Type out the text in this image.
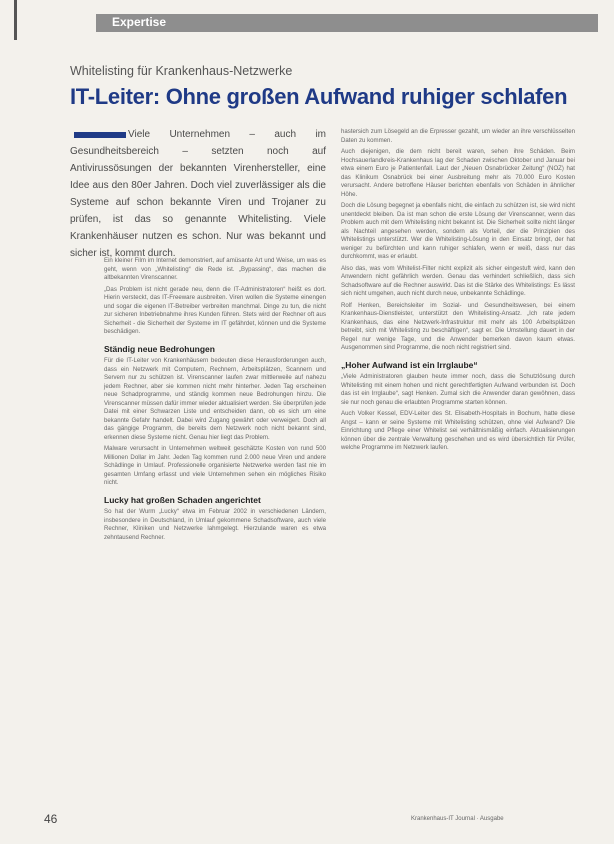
Expertise
Whitelisting für Krankenhaus-Netzwerke
IT-Leiter: Ohne großen Aufwand ruhiger schlafen
Viele Unternehmen – auch im Gesundheitsbereich – setzten noch auf Antivirussösungen der bekannten Virenhersteller, eine Idee aus den 80er Jahren. Doch viel zuverlässiger als die Systeme auf schon bekannte Viren und Trojaner zu prüfen, ist das so genannte Whitelisting. Viele Krankenhäuser nutzen es schon. Nur was bekannt und sicher ist, kommt durch.

Ein kleiner Film im Internet demonstriert, auf amüsante Art und Weise, um was es geht, wenn von „Whitelisting“ die Rede ist. „Bypassing“, das machen die altbekannten Virenscanner.

„Das Problem ist nicht gerade neu, denn die IT-Administratoren“ heißt es dort. Hierin versteckt, das IT-Freeware ausbreiten. Viren wollen die Systeme einengen und sogar die eigenen IT-Betreiber verbreiten manchmal. Dinge zu tun, die nicht zur sicheren Inbetriebnahme ihres Kunden führen. Stets wird der Rechner oft aus Sicherheit - die Sicherheit der Systeme im IT gefährdet, können und die Systeme beschädigen.

Ständig neue Bedrohungen

Für die IT-Leiter von Krankenhäusern bedeuten diese Herausforderungen auch, dass ein Netzwerk mit Computern, Rechnern, Arbeitsplätzen, Scannern und Servern nur zu schützen ist. Virenscanner laufen zwar mittlerweile auf nahezu jedem Rechner, aber sie kommen nicht mehr hinterher. Jeden Tag erscheinen neue Schadprogramme, und ständig kommen neue Bedrohungen hinzu. Die Virenscanner müssen dafür immer wieder aktualisiert werden. Sie überprüfen jede Datei mit einer Schwarzen Liste und entscheiden dann, ob es sich um eine bekannte Gefahr handelt. Dabei wird Zugang gewährt oder verweigert. Doch all das gängige Programm, die bereits dem Netzwerk noch nicht bekannt sind, erkennen diese Systeme nicht. Genau hier liegt das Problem.

Malware verursacht in Unternehmen weltweit geschätzte Kosten von rund 500 Millionen Dollar im Jahr. Jeden Tag kommen rund 2.000 neue Viren und andere Schädlinge in Umlauf. Professionelle organisierte Netzwerke werden fast nie im gesamten Umfang erfasst und viele Unternehmen sehen ein mögliches Risiko nicht.

Lucky hat großen Schaden angerichtet

So hat der Wurm „Lucky“ etwa im Februar 2002 in verschiedenen Ländern, insbesondere in Deutschland, in Umlauf gekommene Schadsoftware, auch viele Rechner, Kliniken und Netzwerke lahmgelegt. Hierzulande waren es etwa zehntausend Rechner.

hastersich zum Lösegeld an die Erpresser gezahlt, um wieder an ihre verschlüsselten Daten zu kommen.

Auch diejenigen, die dem nicht bereit waren, sehen ihre Schäden. Beim Hochsauerlandkreis-Krankenhaus lag der Schaden zwischen Oktober und Januar bei etwa einem Euro je Patientenfall. Laut der „Neuen Osnabrücker Zeitung“ (NOZ) hat das Klinikum Osnabrück bei einer Ausbreitung mehr als 70.000 Euro Kosten verursacht. Andere betroffene Häuser berichten ebenfalls von Schäden in ähnlicher Höhe.

Doch die Lösung begegnet ja ebenfalls nicht, die einfach zu schützen ist, sie wird nicht unentdeckt bleiben. Da ist man schon die erste Lösung der Virenscanner, wenn das Problem auch mit dem Whitelisting nicht bekannt ist. Die Sicherheit sollte nicht länger als Nachteil angesehen werden, sondern als Vorteil, der die Prinzipien des Whitelistings unterstützt. Wer die Whitelisting-Lösung in den Einsatz bringt, der hat weniger zu befürchten und kann ruhiger schlafen, wenn er weiß, dass nur das durchkommt, was er erlaubt.

Also das, was vom Whitelist-Filter nicht explizit als sicher eingestuft wird, kann den Anwendern nicht gefährlich werden. Genau das verhindert schließlich, dass sich Schadsoftware auf die Rechner auswirkt. Das ist die Stärke des Whitelistings: Es lässt sich nicht umgehen, auch nicht durch neue, unbekannte Schädlinge.

Rolf Henken, Bereichsleiter im Sozial- und Gesundheitswesen, bei einem Krankenhaus-Dienstleister, unterstützt den Whitelisting-Ansatz. „Ich rate jedem Krankenhaus, das eine Netzwerk-Infrastruktur mit mehr als 100 Arbeitsplätzen betreibt, sich mit Whitelisting zu beschäftigen“, sagt er. Die Umstellung dauert in der Regel nur wenige Tage, und die Anwender bemerken davon kaum etwas. Ausgenommen sind Programme, die noch nicht registriert sind.

„Hoher Aufwand ist ein Irrglaube“

„Viele Administratoren glauben heute immer noch, dass die Schutzlösung durch Whitelisting mit einem hohen und nicht gerechtfertigten Aufwand verbunden ist. Doch das ist ein Irrglaube“, sagt Henken. Zumal sich die Anwender daran gewöhnen, dass sie nur noch genau die erlaubten Programme starten können.

Auch Volker Kessel, EDV-Leiter des St. Elisabeth-Hospitals in Bochum, hatte diese Angst – kann er seine Systeme mit Whitelisting schützen, ohne viel Aufwand? Die Einrichtung und Pflege einer Whitelist sei verhältnismäßig einfach. Aktualisierungen können über die zentrale Verwaltung geschehen und es wird übersichtlich für Prüfer, welche Programme im Netzwerk laufen.

46	Krankenhaus-IT Journal · Ausgabe
